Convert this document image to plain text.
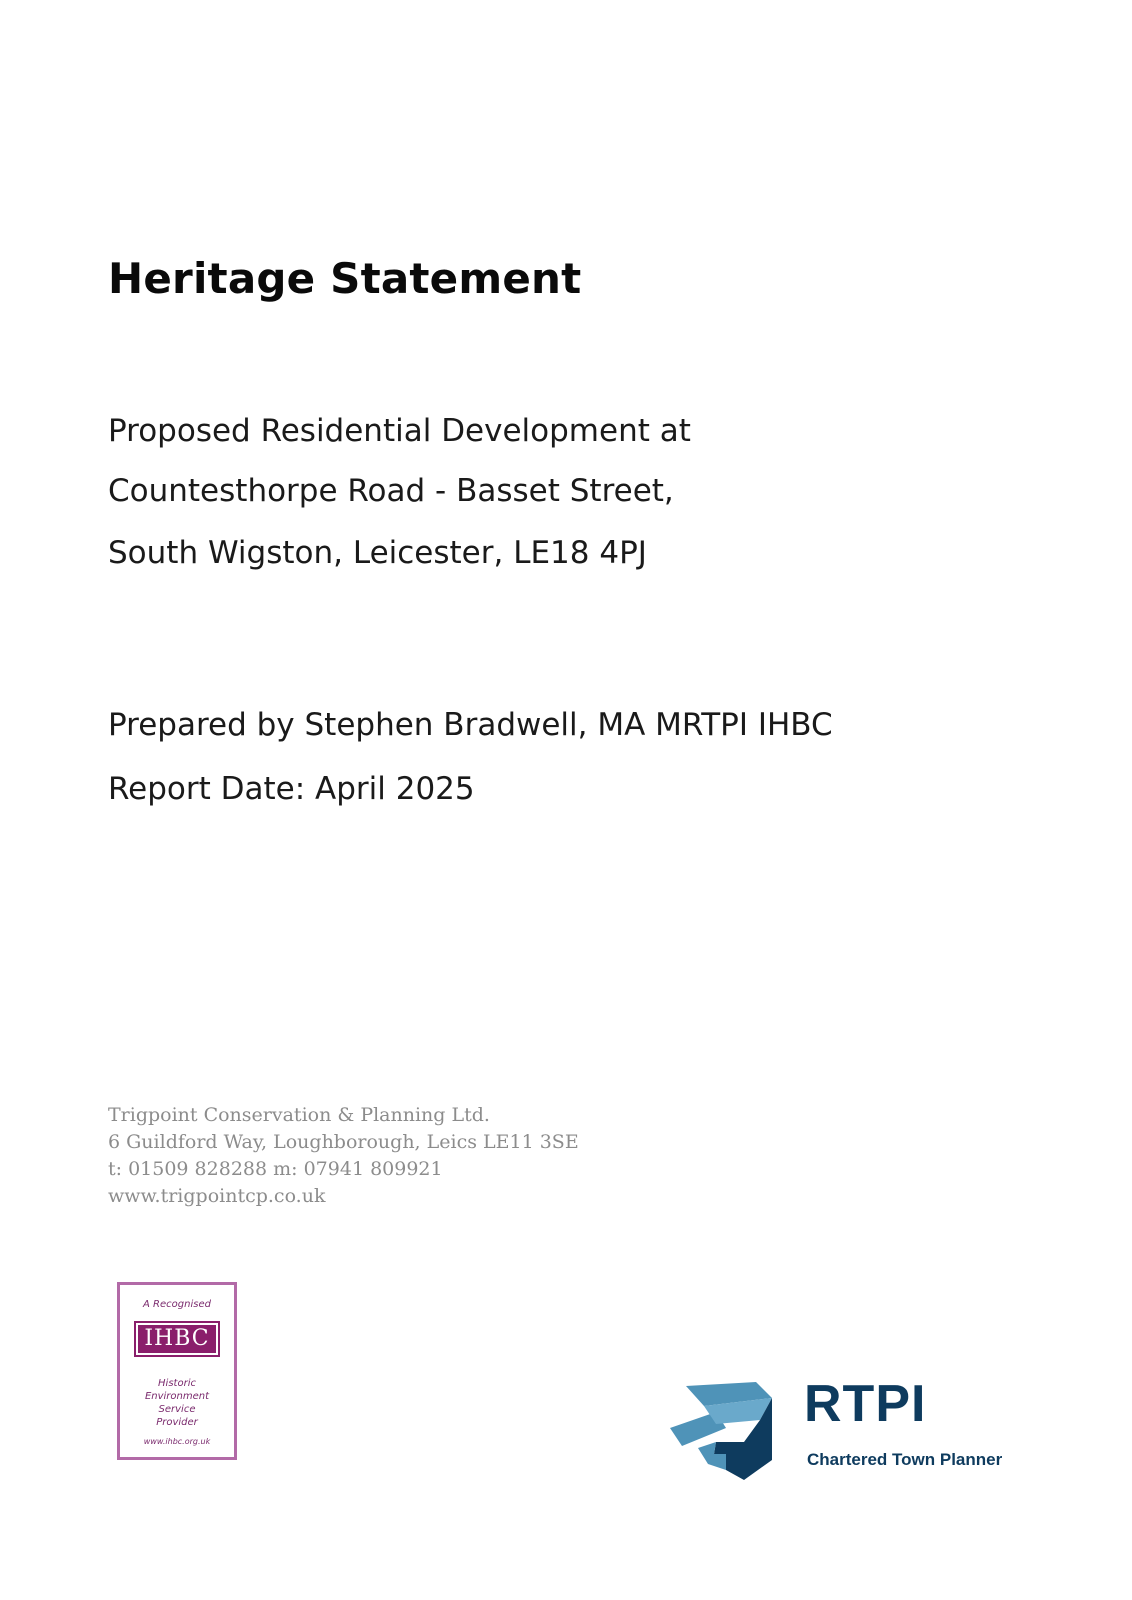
Heritage Statement
Proposed Residential Development at
Countesthorpe Road - Basset Street,
South Wigston, Leicester, LE18 4PJ
Prepared by Stephen Bradwell, MA MRTPI IHBC
Report Date: April 2025
Trigpoint Conservation & Planning Ltd.
6 Guildford Way, Loughborough, Leics LE11 3SE
t: 01509 828288 m: 07941 809921
www.trigpointcp.co.uk
A Recognised
IHBC
Historic
Environment
Service
Provider
www.ihbc.org.uk
RTPI
Chartered Town Planner
